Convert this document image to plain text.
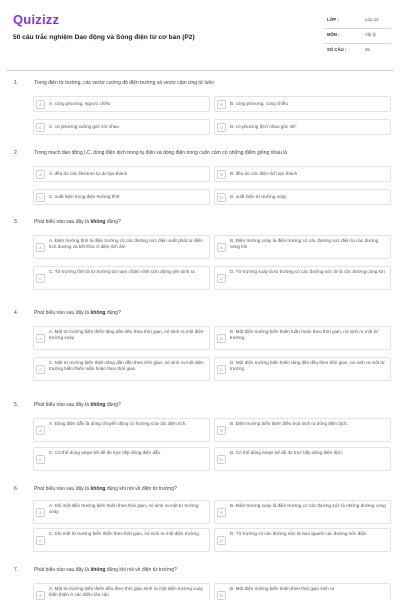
Quizizz
50 câu trắc nghiệm Dao động và Sóng điện từ cơ bản (P2)
LỚP :	Lớp 12
MÔN :	Vật lý
SỐ CÂU :	25
1.	Trong điện từ trường, các vectơ cường độ điện trường và vectơ cảm ứng từ luôn
A	A. cùng phương, ngược chiều	B	B. cùng phương, cùng chiều
C	C. có phương vuông góc với nhau	D	D. có phương lệch nhau góc 45⁰
2.	Trong mạch dao động LC, dòng điện dịch trong tụ điện và dòng điện trong cuộn cảm có những điểm giống nhau là
A	A. đều do các êlectron tự do tạo thành	B	B. đều do các điện tích tạo thành
C	C. xuất hiện trong điện trường tĩnh	D	D. xuất hiện từ trường xoáy
3.	Phát biểu nào sau đây là không đúng?
A
A. Điện trường tĩnh là điện trường có các đường sức điện xuất phát từ điện tích dương và kết thúc ở điện tích âm	B
B. Điện trường xoáy là điện trường có các đường sức điện là các đường cong kín
C
C. Từ trường tĩnh là từ trường do nam châm vĩnh cửu đứng yên sinh ra
D
D. Từ trường xoáy là từ trường có các đường sức từ là các đường cong kín
4.	Phát biểu nào sau đây là không đúng?
A
A. Một từ trường biến thiên tăng dần đều theo thời gian, nó sinh ra một điện trường xoáy.	B
B. Một điện trường biến thiên tuần hoàn theo thời gian, nó sinh ra một từ trường.
C
C. Một từ trường biến thiên tăng dần đều theo thời gian, nó sinh ra một điện trường biến thiên tuần hoàn theo thời gian	D
D. Một điện trường biến thiên tăng dần đều theo thời gian, nó sinh ra một từ trường
5.	Phát biểu nào sau đây là không đúng?
A
A. Dòng điện dẫn là dòng chuyển động có hướng của các điện tích.
B
B. Điện trường biến thiên điều hoà sinh ra dòng điện dịch.
C
C. Có thể dùng ampe kế để đo trực tiếp dòng điện dẫn.
D
D. Có thể dùng ampe kế để đo trực tiếp dòng điện dịch.
6.	Phát biểu nào sau đây là không đúng khi nói về điện từ trường?
A
A. Khi một điện trường biến thiên theo thời gian, nó sinh ra một từ trường xoáy	B
B. Điện trường xoáy là điện trường có các đường sức là những đường cong
C
C. Khi một từ trường biến thiên theo thời gian, nó sinh ra một điện trường
D
D. Từ trường có các đường sức từ bao quanh các đường sức điện
7.	Phát biểu nào sau đây là không đúng khi nói về điện từ trường?
A
A. Một từ trường biến thiên đều theo thời gian sinh ra một điện trường xoáy biến thiên ở các điểm lân cận	B
B. Một điện trường biến thiên theo thời gian sinh ra
